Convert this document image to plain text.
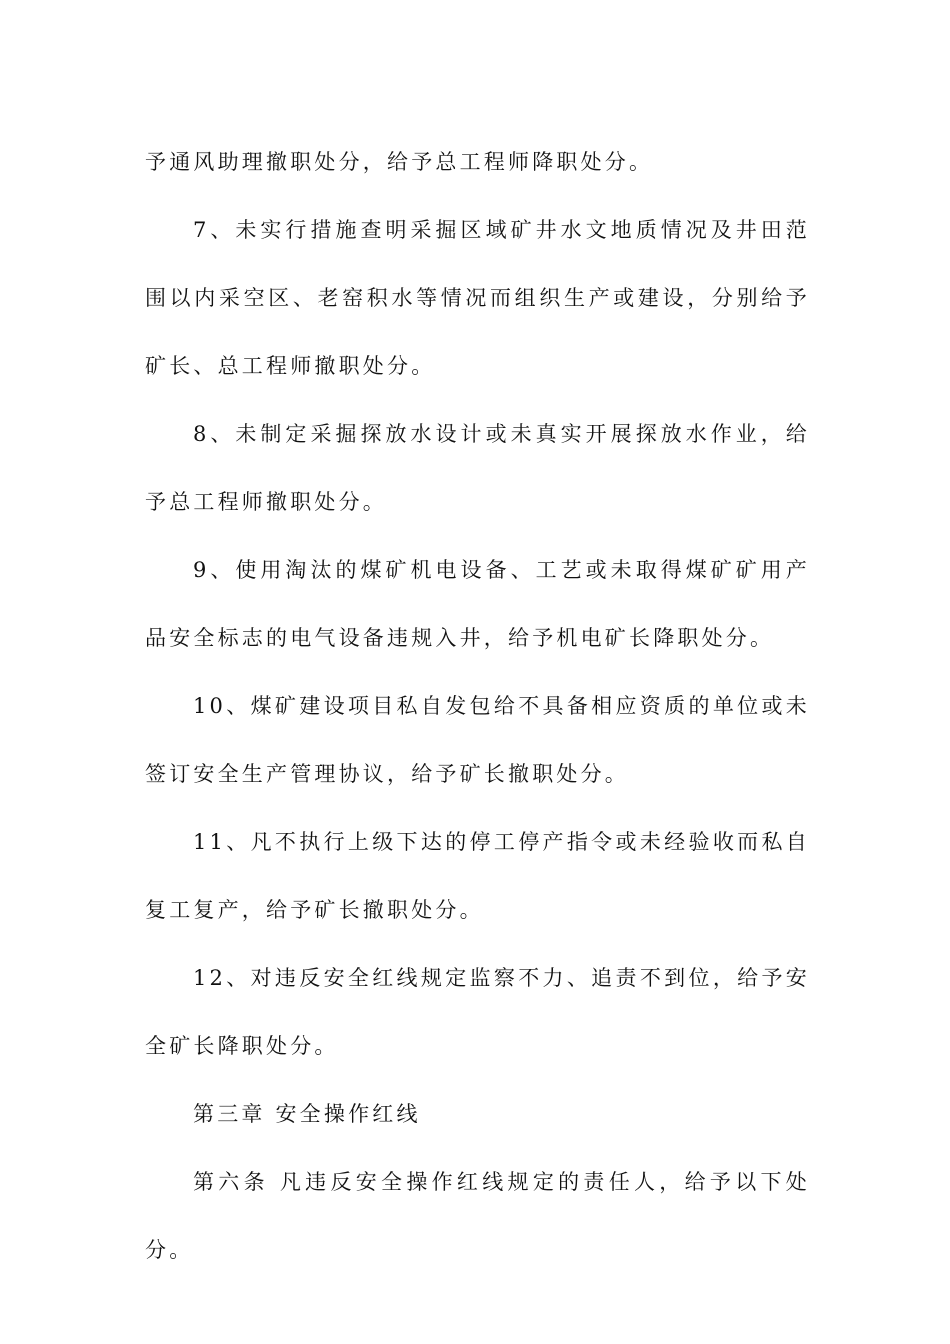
予通风助理撤职处分，给予总工程师降职处分。

7、未实行措施查明采掘区域矿井水文地质情况及井田范围以内采空区、老窑积水等情况而组织生产或建设，分别给予矿长、总工程师撤职处分。

8、未制定采掘探放水设计或未真实开展探放水作业，给予总工程师撤职处分。

9、使用淘汰的煤矿机电设备、工艺或未取得煤矿矿用产品安全标志的电气设备违规入井，给予机电矿长降职处分。

10、煤矿建设项目私自发包给不具备相应资质的单位或未签订安全生产管理协议，给予矿长撤职处分。

11、凡不执行上级下达的停工停产指令或未经验收而私自复工复产，给予矿长撤职处分。

12、对违反安全红线规定监察不力、追责不到位，给予安全矿长降职处分。

第三章 安全操作红线

第六条 凡违反安全操作红线规定的责任人，给予以下处分。
